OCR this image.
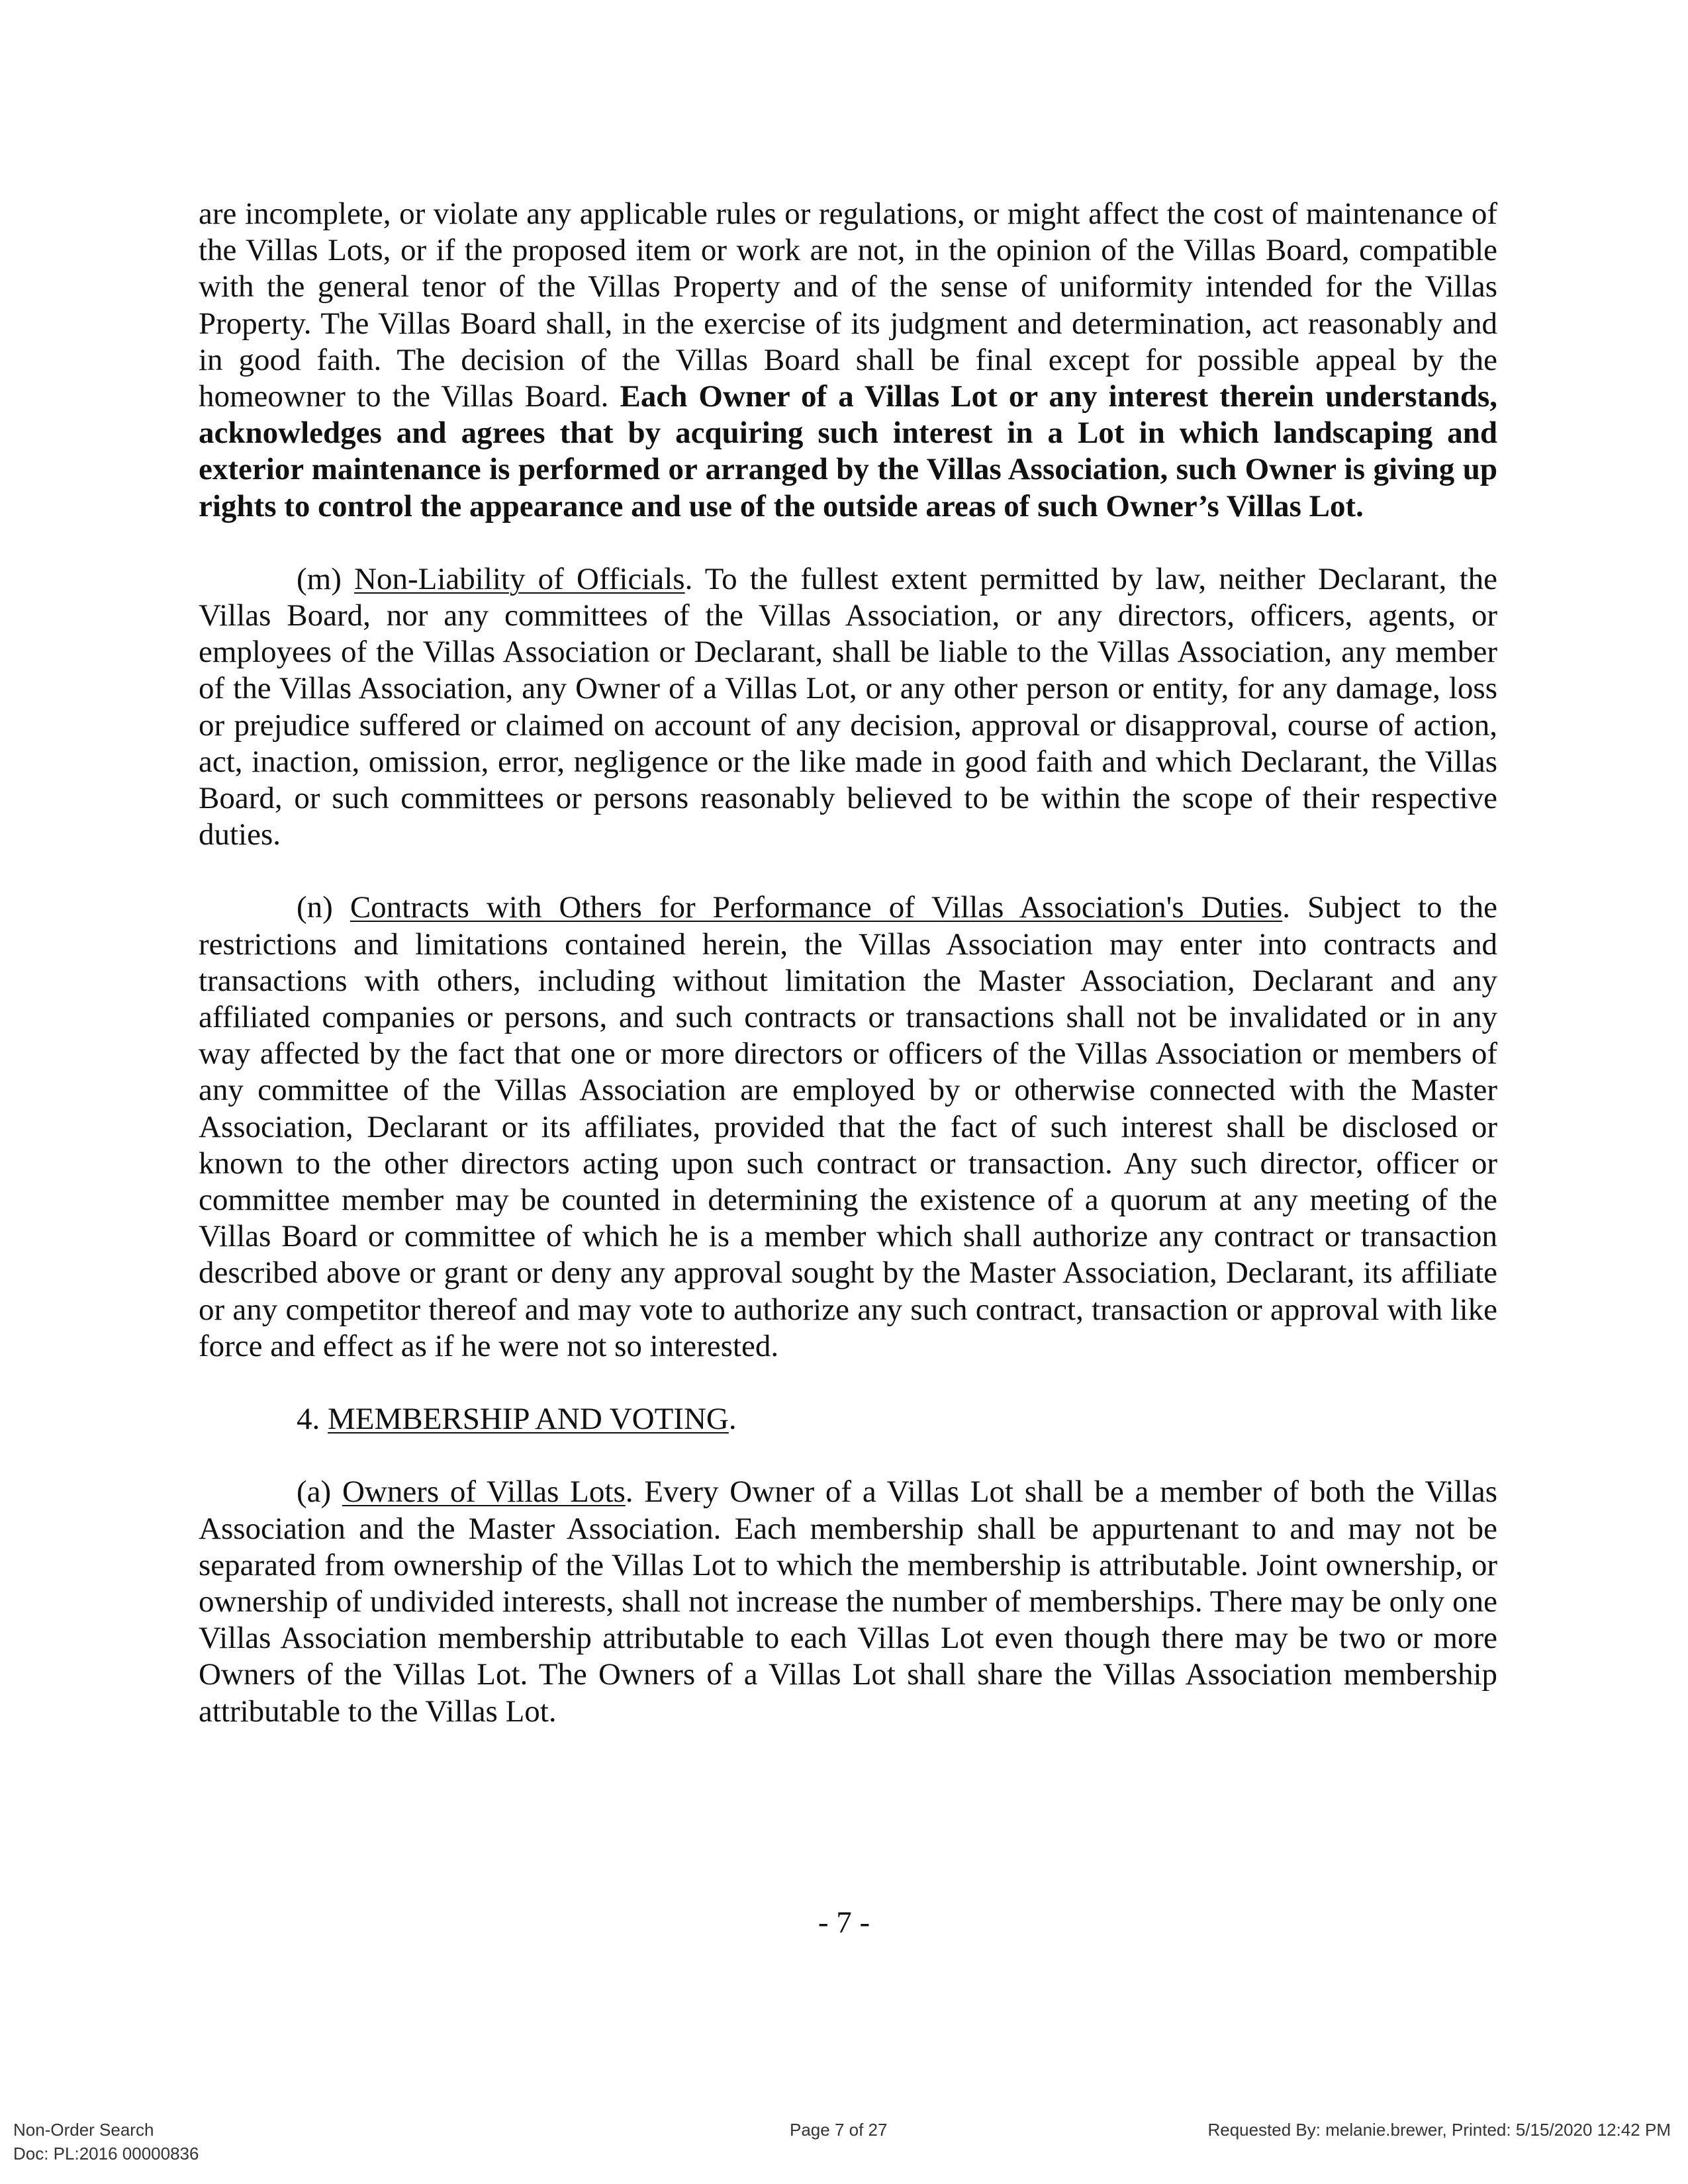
are incomplete, or violate any applicable rules or regulations, or might affect the cost of maintenance of the Villas Lots, or if the proposed item or work are not, in the opinion of the Villas Board, compatible with the general tenor of the Villas Property and of the sense of uniformity intended for the Villas Property. The Villas Board shall, in the exercise of its judgment and determination, act reasonably and in good faith. The decision of the Villas Board shall be final except for possible appeal by the homeowner to the Villas Board. Each Owner of a Villas Lot or any interest therein understands, acknowledges and agrees that by acquiring such interest in a Lot in which landscaping and exterior maintenance is performed or arranged by the Villas Association, such Owner is giving up rights to control the appearance and use of the outside areas of such Owner’s Villas Lot.

(m) Non-Liability of Officials. To the fullest extent permitted by law, neither Declarant, the Villas Board, nor any committees of the Villas Association, or any directors, officers, agents, or employees of the Villas Association or Declarant, shall be liable to the Villas Association, any member of the Villas Association, any Owner of a Villas Lot, or any other person or entity, for any damage, loss or prejudice suffered or claimed on account of any decision, approval or disapproval, course of action, act, inaction, omission, error, negligence or the like made in good faith and which Declarant, the Villas Board, or such committees or persons reasonably believed to be within the scope of their respective duties.

(n) Contracts with Others for Performance of Villas Association's Duties. Subject to the restrictions and limitations contained herein, the Villas Association may enter into contracts and transactions with others, including without limitation the Master Association, Declarant and any affiliated companies or persons, and such contracts or transactions shall not be invalidated or in any way affected by the fact that one or more directors or officers of the Villas Association or members of any committee of the Villas Association are employed by or otherwise connected with the Master Association, Declarant or its affiliates, provided that the fact of such interest shall be disclosed or known to the other directors acting upon such contract or transaction. Any such director, officer or committee member may be counted in determining the existence of a quorum at any meeting of the Villas Board or committee of which he is a member which shall authorize any contract or transaction described above or grant or deny any approval sought by the Master Association, Declarant, its affiliate or any competitor thereof and may vote to authorize any such contract, transaction or approval with like force and effect as if he were not so interested.

4. MEMBERSHIP AND VOTING.

(a) Owners of Villas Lots. Every Owner of a Villas Lot shall be a member of both the Villas Association and the Master Association. Each membership shall be appurtenant to and may not be separated from ownership of the Villas Lot to which the membership is attributable. Joint ownership, or ownership of undivided interests, shall not increase the number of memberships. There may be only one Villas Association membership attributable to each Villas Lot even though there may be two or more Owners of the Villas Lot. The Owners of a Villas Lot shall share the Villas Association membership attributable to the Villas Lot.

- 7 -
Non-Order Search
Doc: PL:2016 00000836
Page 7 of 27	Requested By: melanie.brewer, Printed: 5/15/2020 12:42 PM
